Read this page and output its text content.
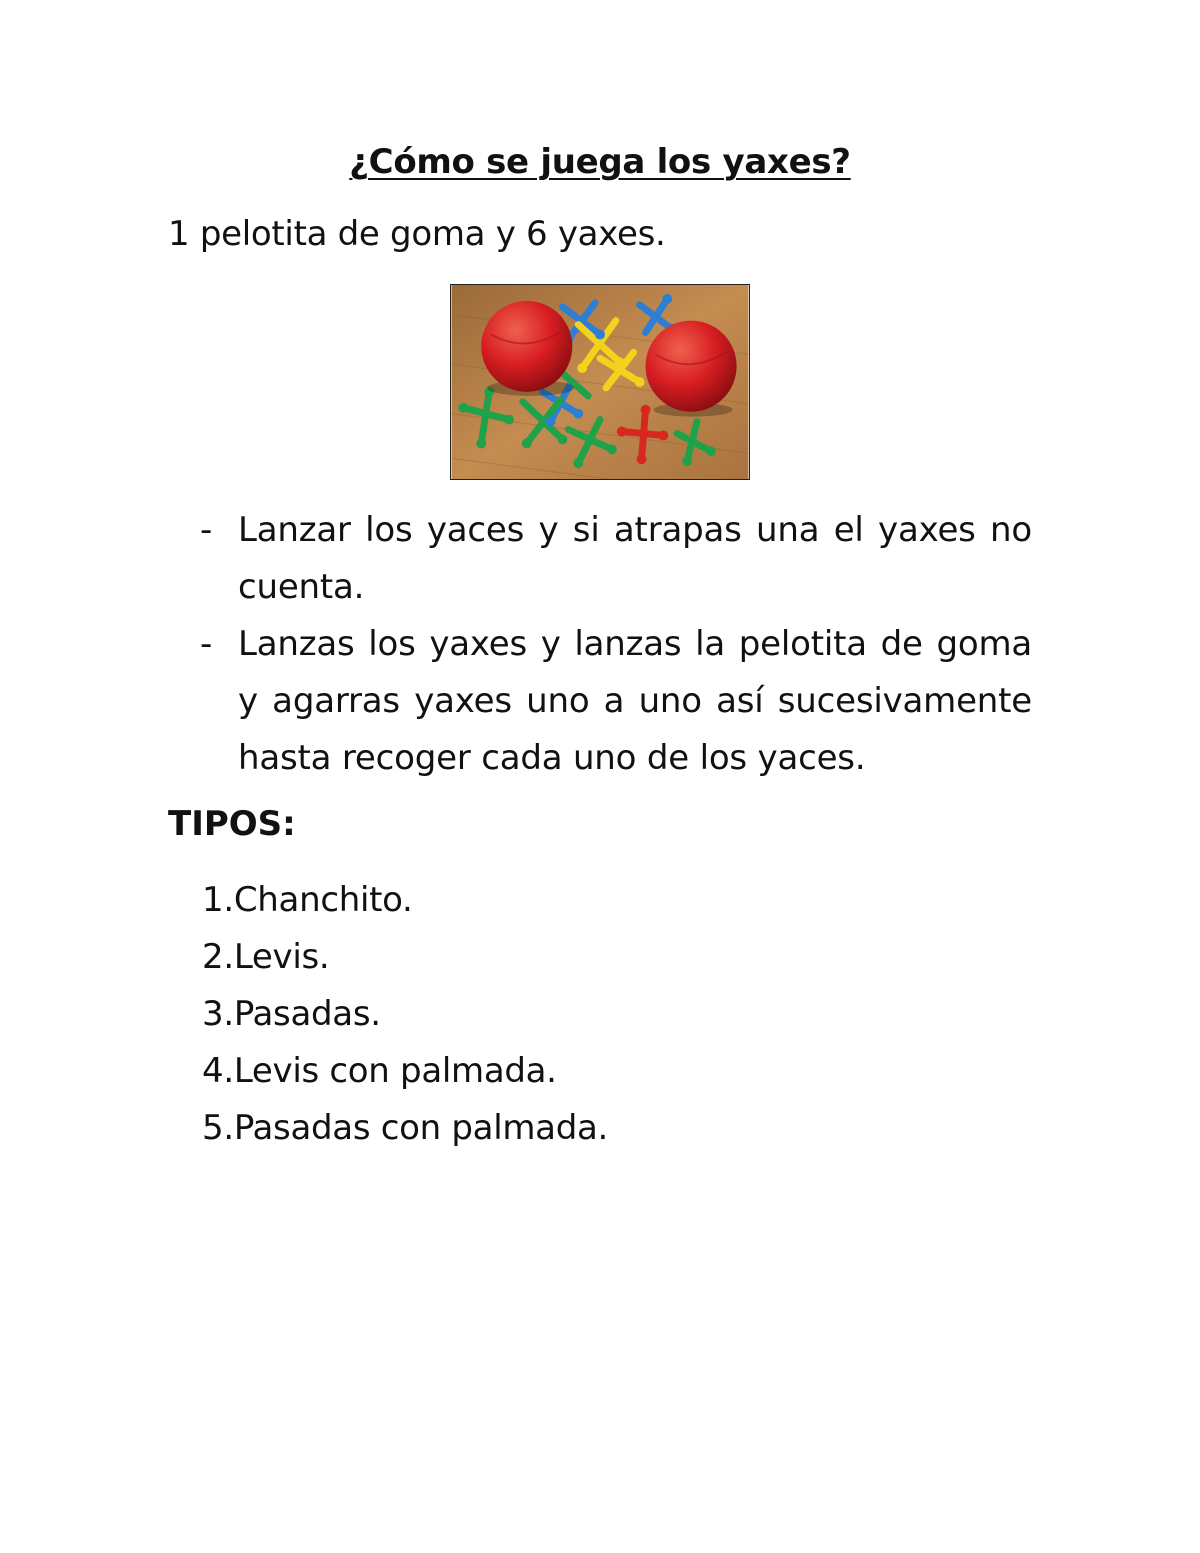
¿Cómo se juega los yaxes?
1 pelotita de goma y 6 yaxes.
- Lanzar los yaces y si atrapas una el yaxes no cuenta.
- Lanzas los yaxes y lanzas la pelotita de goma y agarras yaxes uno a uno así sucesivamente hasta recoger cada uno de los yaces.
TIPOS:
1.Chanchito.
2.Levis.
3.Pasadas.
4.Levis con palmada.
5.Pasadas con palmada.
